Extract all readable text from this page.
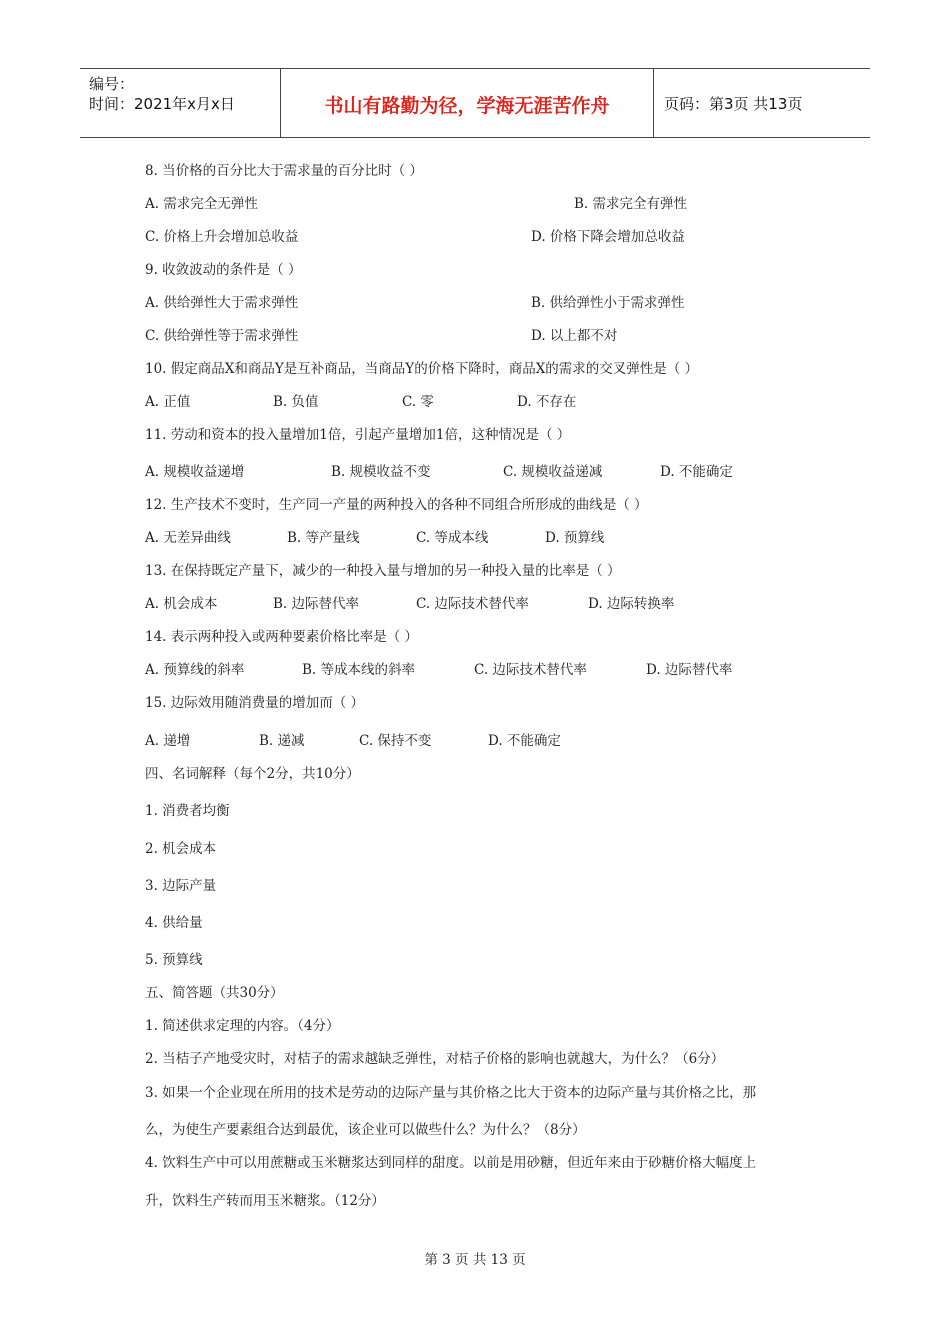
编号：
时间：2021年x月x日	书山有路勤为径，学海无涯苦作舟	页码：第3页 共13页
8. 当价格的百分比大于需求量的百分比时（ ）
A. 需求完全无弹性	B. 需求完全有弹性
C. 价格上升会增加总收益	D. 价格下降会增加总收益
9. 收敛波动的条件是（ ）
A. 供给弹性大于需求弹性	B. 供给弹性小于需求弹性
C. 供给弹性等于需求弹性	D. 以上都不对
10. 假定商品X和商品Y是互补商品，当商品Y的价格下降时，商品X的需求的交叉弹性是（ ）
A. 正值	B. 负值	C. 零	D. 不存在
11. 劳动和资本的投入量增加1倍，引起产量增加1倍，这种情况是（ ）
A. 规模收益递增	B. 规模收益不变	C. 规模收益递减	D. 不能确定
12. 生产技术不变时，生产同一产量的两种投入的各种不同组合所形成的曲线是（ ）
A. 无差异曲线	B. 等产量线	C. 等成本线	D. 预算线
13. 在保持既定产量下，减少的一种投入量与增加的另一种投入量的比率是（ ）
A. 机会成本	B. 边际替代率	C. 边际技术替代率	D. 边际转换率
14. 表示两种投入或两种要素价格比率是（ ）
A. 预算线的斜率	B. 等成本线的斜率	C. 边际技术替代率	D. 边际替代率
15. 边际效用随消费量的增加而（ ）
A. 递增	B. 递减	C. 保持不变	D. 不能确定
四、名词解释（每个2分，共10分）
1. 消费者均衡
2. 机会成本
3. 边际产量
4. 供给量
5. 预算线
五、简答题（共30分）
1. 简述供求定理的内容。（4分）
2. 当桔子产地受灾时，对桔子的需求越缺乏弹性，对桔子价格的影响也就越大，为什么？（6分）
3. 如果一个企业现在所用的技术是劳动的边际产量与其价格之比大于资本的边际产量与其价格之比，那
么，为使生产要素组合达到最优，该企业可以做些什么？为什么？（8分）
4. 饮料生产中可以用蔗糖或玉米糖浆达到同样的甜度。以前是用砂糖，但近年来由于砂糖价格大幅度上
升，饮料生产转而用玉米糖浆。（12分）
第 3 页 共 13 页
